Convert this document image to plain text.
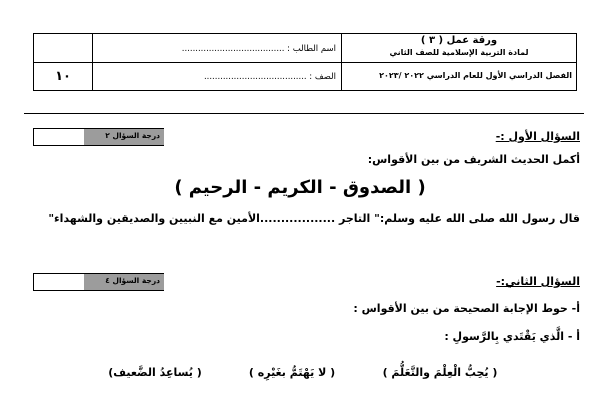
ورقة عمل ( ٣ )
لمادة التربية الإسلامية للصف الثاني
الفصل الدراسي الأول للعام الدراسي ٢٠٢٢ /٢٠٢٣
اسم الطالب : ......................................
الصف : ......................................
١٠
درجة السؤال ٢	السؤال الأول :-
أكمل الحديث الشريف من بين الأقواس:
( الصدوق - الكريم - الرحيم )
قال رسول الله صلى الله عليه وسلم:" التاجر ..................الأمين مع النبيين والصديقين والشهداء"
درجة السؤال ٤	السؤال الثاني:-
أ- حوط الإجابة الصحيحة من بين الأقواس :
أ - الَّذي يَقْتَدي بِالرَّسولِ :
( يُحِبُّ الْعِلْمَ والتَّعَلُّمَ )
( لا يَهْتَمُّ بغَيْرِه )
( يُساعِدُ الضَّعيف)
